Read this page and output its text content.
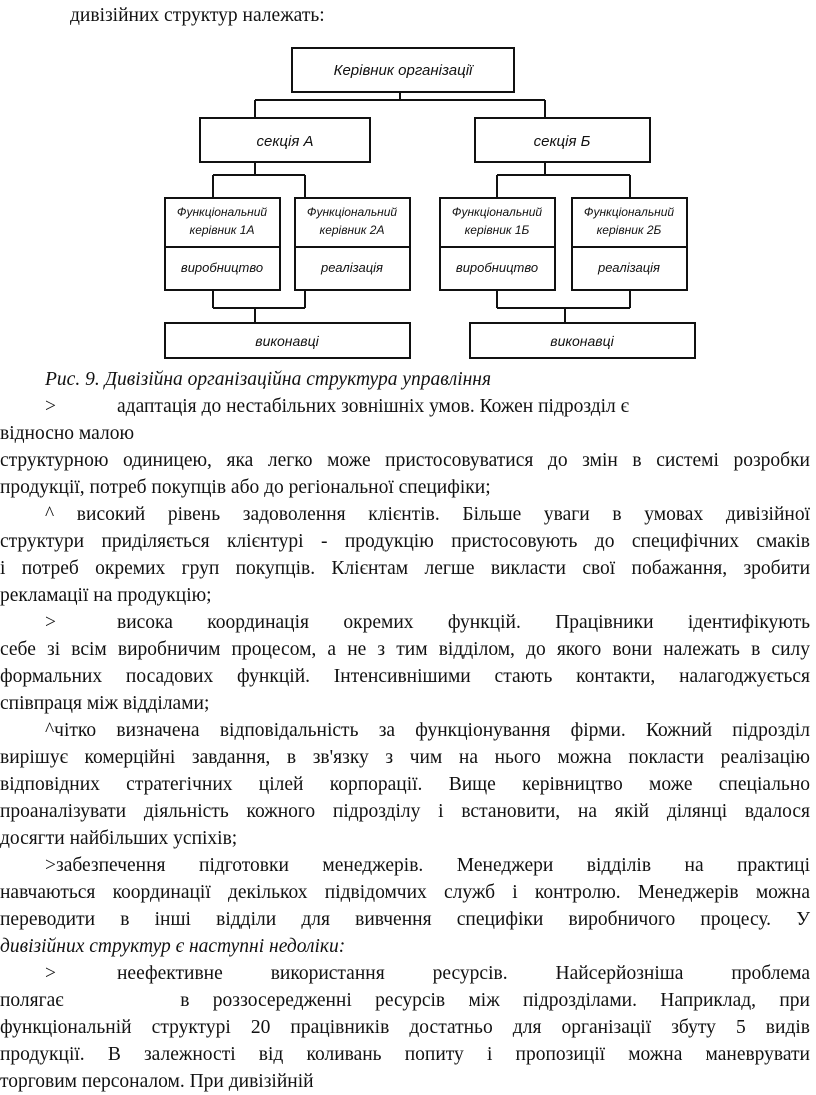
дивізійних структур належать:
Керівник організації
секція А	секція Б
Функціональний
керівник 1А
виробництво
Функціональний
керівник 2А
реалізація
Функціональний
керівник 1Б
виробництво
Функціональний
керівник 2Б
реалізація
виконавці	виконавці
Рис. 9. Дивізійна організаційна структура управління
>	адаптація до нестабільних зовнішніх умов. Кожен підрозділ є
відносно малою
структурною одиницею, яка легко може пристосовуватися до змін в системі розробки
продукції, потреб покупців або до регіональної специфіки;
^ високий рівень задоволення клієнтів. Більше уваги в умовах дивізійної
структури приділяється клієнтурі - продукцію пристосовують до специфічних смаків
і потреб окремих груп покупців. Клієнтам легше викласти свої побажання, зробити
рекламації на продукцію;
>	висока координація окремих функцій. Працівники ідентифікують
себе зі всім виробничим процесом, а не з тим відділом, до якого вони належать в силу
формальних посадових функцій. Інтенсивнішими стають контакти, налагоджується
співпраця між відділами;
^чітко визначена відповідальність за функціонування фірми. Кожний підрозділ
вирішує комерційні завдання, в зв'язку з чим на нього можна покласти реалізацію
відповідних стратегічних цілей корпорації. Вище керівництво може спеціально
проаналізувати діяльність кожного підрозділу і встановити, на якій ділянці вдалося
досягти найбільших успіхів;
>забезпечення підготовки менеджерів. Менеджери відділів на практиці
навчаються координації декількох підвідомчих служб і контролю. Менеджерів можна
переводити в інші відділи для вивчення специфіки виробничого процесу. У
дивізійних структур є наступні недоліки:
>	неефективне використання ресурсів. Найсерйозніша проблема
полягає     в роззосередженні ресурсів між підрозділами. Наприклад, при
функціональній структурі 20 працівників достатньо для організації збуту 5 видів
продукції. В залежності від коливань попиту і пропозиції можна маневрувати
торговим персоналом. При дивізійній
